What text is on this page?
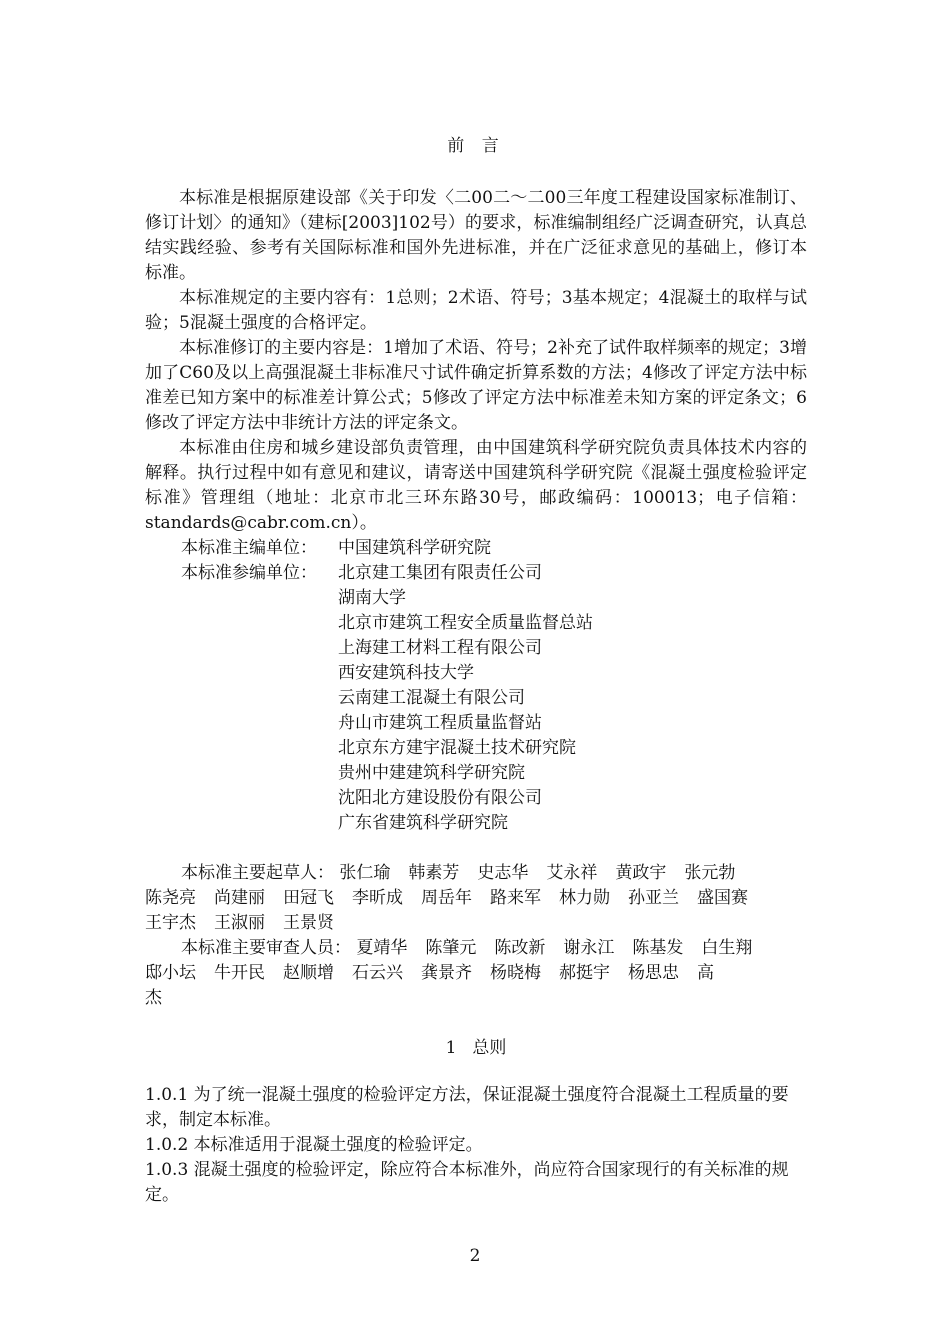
前 言

本标准是根据原建设部《关于印发〈二00二～二00三年度工程建设国家标准制订、修订计划〉的通知》（建标[2003]102号）的要求，标准编制组经广泛调查研究，认真总结实践经验、参考有关国际标准和国外先进标准，并在广泛征求意见的基础上，修订本标准。

本标准规定的主要内容有：1总则；2术语、符号；3基本规定；4混凝土的取样与试验；5混凝土强度的合格评定。

本标准修订的主要内容是：1增加了术语、符号；2补充了试件取样频率的规定；3增加了C60及以上高强混凝土非标准尺寸试件确定折算系数的方法；4修改了评定方法中标准差已知方案中的标准差计算公式；5修改了评定方法中标准差未知方案的评定条文；6修改了评定方法中非统计方法的评定条文。

本标准由住房和城乡建设部负责管理，由中国建筑科学研究院负责具体技术内容的解释。执行过程中如有意见和建议，请寄送中国建筑科学研究院《混凝土强度检验评定标准》管理组（地址：北京市北三环东路30号，邮政编码：100013；电子信箱：standards@cabr.com.cn）。

本标准主编单位：	中国建筑科学研究院
本标准参编单位：	北京建工集团有限责任公司
湖南大学
北京市建筑工程安全质量监督总站
上海建工材料工程有限公司
西安建筑科技大学
云南建工混凝土有限公司
舟山市建筑工程质量监督站
北京东方建宇混凝土技术研究院
贵州中建建筑科学研究院
沈阳北方建设股份有限公司
广东省建筑科学研究院
本标准主要起草人： 张仁瑜 韩素芳 史志华 艾永祥 黄政宇 张元勃
陈尧亮 尚建丽 田冠飞 李昕成 周岳年 路来军 林力勋 孙亚兰 盛国赛
王宇杰 王淑丽 王景贤
本标准主要审查人员： 夏靖华 陈肇元 陈改新 谢永江 陈基发 白生翔
邸小坛 牛开民 赵顺增 石云兴 龚景齐 杨晓梅 郝挺宇 杨思忠 高
杰
1 总则

1.0.1 为了统一混凝土强度的检验评定方法，保证混凝土强度符合混凝土工程质量的要求，制定本标准。

1.0.2 本标准适用于混凝土强度的检验评定。

1.0.3 混凝土强度的检验评定，除应符合本标准外，尚应符合国家现行的有关标准的规定。

2
